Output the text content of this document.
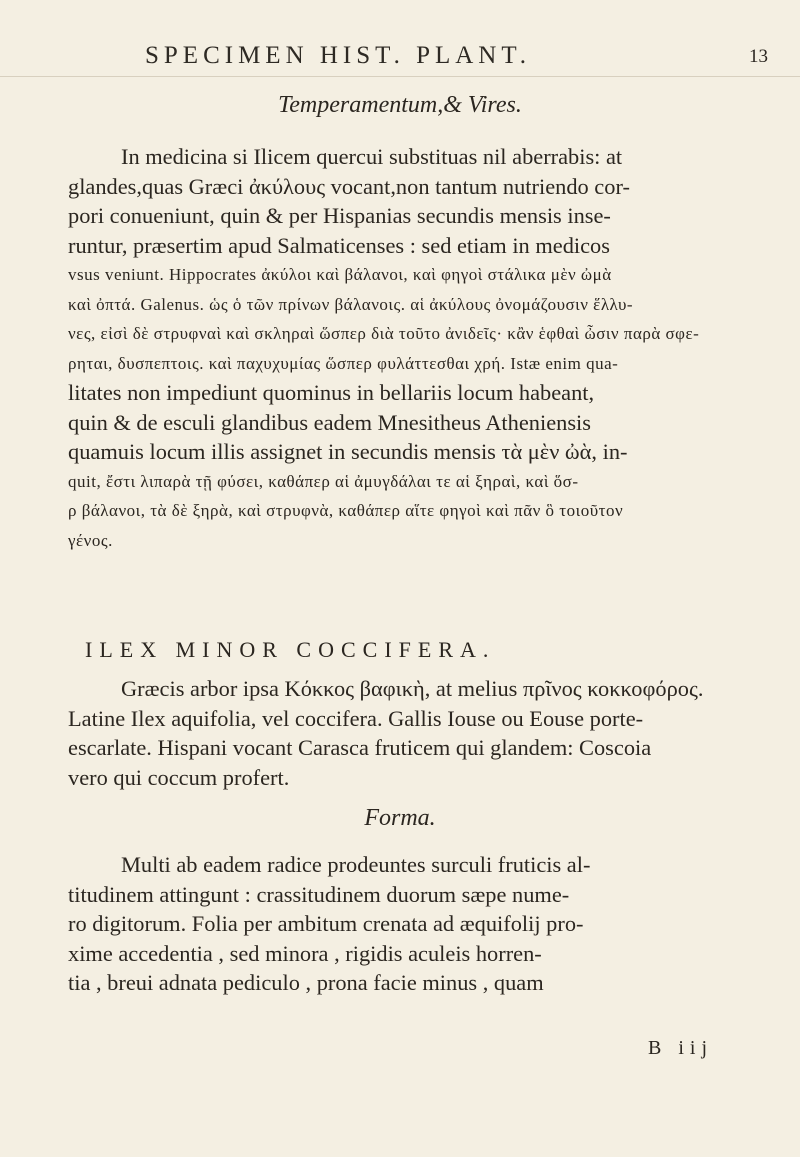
SPECIMEN HIST. PLANT.	13
Temperamentum,& Vires.
In medicina si Ilicem quercui substituas nil aberrabis: at
glandes,quas Græci ἀκύλους vocant,non tantum nutriendo cor-
pori conueniunt, quin & per Hispanias secundis mensis inse-
runtur, præsertim apud Salmaticenses : sed etiam in medicos
vsus veniunt. Hippocrates ἀκύλοι καὶ βάλανοι, καὶ φηγοὶ στάλικα μὲν ὠμὰ
καὶ ὀπτά. Galenus. ὡς ὁ τῶν πρίνων βάλανοις. αἱ ἀκύλους ὀνομάζουσιν ἕλλυ-
νες, εἰσὶ δὲ στρυφναὶ καὶ σκληραὶ ὥσπερ διὰ τοῦτο ἀνιδεῖς· κἂν ἑφθαὶ ὦσιν παρὰ σφε-
ρηται, δυσπεπτοις. καὶ παχυχυμίας ὥσπερ φυλάττεσθαι χρή. Istæ enim qua-
litates non impediunt quominus in bellariis locum habeant,
quin & de esculi glandibus eadem Mnesitheus Atheniensis
quamuis locum illis assignet in secundis mensis τὰ μὲν ὠὰ, in-
quit, ἔστι λιπαρὰ τῇ φύσει, καθάπερ αἱ ἀμυγδάλαι τε αἱ ξηραὶ, καὶ ὅσ-
ρ βάλανοι, τὰ δὲ ξηρὰ, καὶ στρυφνὰ, καθάπερ αἵτε φηγοὶ καὶ πᾶν ὃ τοιοῦτον
γένος.
ILEX MINOR COCCIFERA.
Græcis arbor ipsa Κόκκος βαφικὴ, at melius πρῖνος κοκκοφόρος.
Latine Ilex aquifolia, vel coccifera. Gallis Iouse ou Eouse porte-
escarlate. Hispani vocant Carasca fruticem qui glandem: Coscoia
vero qui coccum profert.
Forma.
Multi ab eadem radice prodeuntes surculi fruticis al-
titudinem attingunt : crassitudinem duorum sæpe nume-
ro digitorum. Folia per ambitum crenata ad æquifolij pro-
xime accedentia , sed minora , rigidis aculeis horren-
tia , breui adnata pediculo , prona facie minus , quam
B iij
